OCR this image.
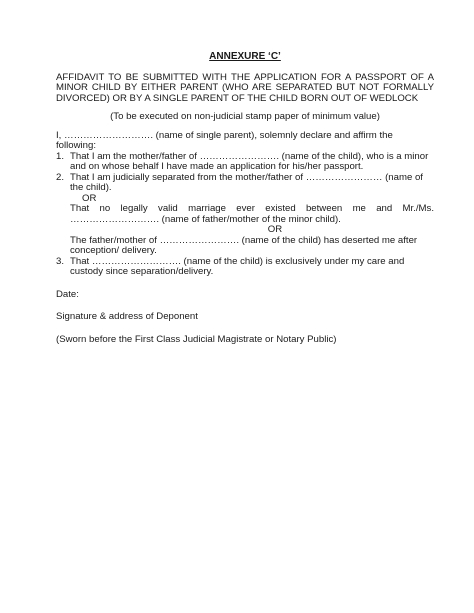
ANNEXURE ‘C’

AFFIDAVIT TO BE SUBMITTED WITH THE APPLICATION FOR A PASSPORT OF A MINOR CHILD BY EITHER PARENT (WHO ARE SEPARATED BUT NOT FORMALLY DIVORCED) OR BY A SINGLE PARENT OF THE CHILD BORN OUT OF WEDLOCK

(To be executed on non-judicial stamp paper of minimum value)

I, ………………………. (name of single parent), solemnly declare and affirm the following:

1. That I am the mother/father of ……………………. (name of the child), who is a minor and on whose behalf I have made an application for his/her passport.
2. That I am judicially separated from the mother/father of …………………… (name of the child).

OR

That no legally valid marriage ever existed between me and Mr./Ms. ………………………. (name of father/mother of the minor child).

OR

The father/mother of ……………………. (name of the child) has deserted me after conception/ delivery.

3. That ………………………. (name of the child) is exclusively under my care and custody since separation/delivery.

Date:

Signature & address of Deponent

(Sworn before the First Class Judicial Magistrate or Notary Public)
